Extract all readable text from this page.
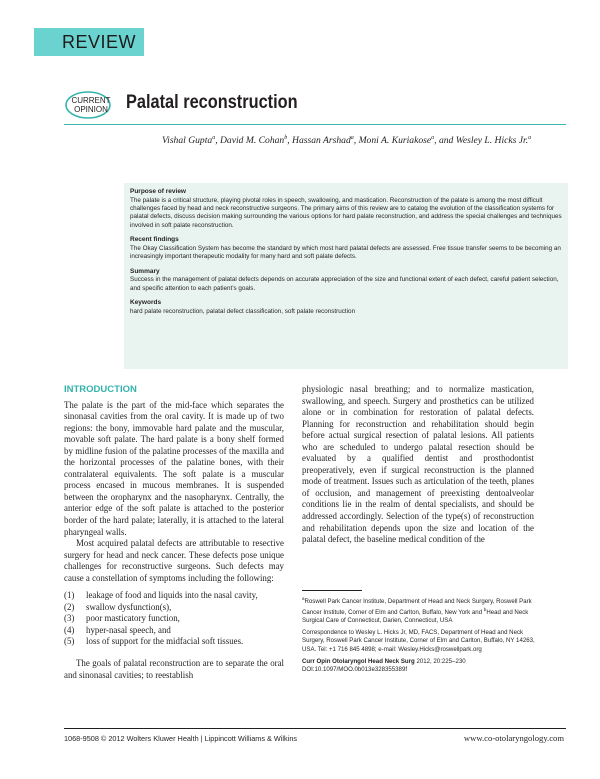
REVIEW
CURRENT
OPINION Palatal reconstruction
Vishal Gupta$^a$, David M. Cohan$^b$, Hassan Arshad$^a$, Moni A. Kuriakose$^a$, and Wesley L. Hicks Jr.$^a$
Purpose of review

The palate is a critical structure, playing pivotal roles in speech, swallowing, and mastication. Reconstruction of the palate is among the most difficult challenges faced by head and neck reconstructive surgeons. The primary aims of this review are to catalog the evolution of the classification systems for palatal defects, discuss decision making surrounding the various options for hard palate reconstruction, and address the special challenges and techniques involved in soft palate reconstruction.

Recent findings

The Okay Classification System has become the standard by which most hard palatal defects are assessed. Free tissue transfer seems to be becoming an increasingly important therapeutic modality for many hard and soft palate defects.

Summary

Success in the management of palatal defects depends on accurate appreciation of the size and functional extent of each defect, careful patient selection, and specific attention to each patient’s goals.

Keywords

hard palate reconstruction, palatal defect classification, soft palate reconstruction

INTRODUCTION

The palate is the part of the mid-face which separates the sinonasal cavities from the oral cavity. It is made up of two regions: the bony, immovable hard palate and the muscular, movable soft palate. The hard palate is a bony shelf formed by midline fusion of the palatine processes of the maxilla and the horizontal processes of the palatine bones, with their contralateral equivalents. The soft palate is a muscular process encased in mucous membranes. It is suspended between the oropharynx and the nasopharynx. Centrally, the anterior edge of the soft palate is attached to the posterior border of the hard palate; laterally, it is attached to the lateral pharyngeal walls.

Most acquired palatal defects are attributable to resective surgery for head and neck cancer. These defects pose unique challenges for reconstructive surgeons. Such defects may cause a constellation of symptoms including the following:

(1)	leakage of food and liquids into the nasal cavity,
(2)	swallow dysfunction(s),
(3)	poor masticatory function,
(4)	hyper-nasal speech, and
(5)	loss of support for the midfacial soft tissues.

The goals of palatal reconstruction are to separate the oral and sinonasal cavities; to reestablish

physiologic nasal breathing; and to normalize mastication, swallowing, and speech. Surgery and prosthetics can be utilized alone or in combination for restoration of palatal defects. Planning for reconstruction and rehabilitation should begin before actual surgical resection of palatal lesions. All patients who are scheduled to undergo palatal resection should be evaluated by a qualified dentist and prosthodontist preoperatively, even if surgical reconstruction is the planned mode of treatment. Issues such as articulation of the teeth, planes of occlusion, and management of preexisting dentoalveolar conditions lie in the realm of dental specialists, and should be addressed accordingly. Selection of the type(s) of reconstruction and rehabilitation depends upon the size and location of the palatal defect, the baseline medical condition of the

$^a$Roswell Park Cancer Institute, Department of Head and Neck Surgery, Roswell Park Cancer Institute, Corner of Elm and Carlton, Buffalo, New York and $^b$Head and Neck Surgical Care of Connecticut, Darien, Connecticut, USA

Correspondence to Wesley L. Hicks Jr, MD, FACS, Department of Head and Neck Surgery, Roswell Park Cancer Institute, Corner of Elm and Carlton, Buffalo, NY 14263, USA. Tel: +1 716 845 4898; e-mail: Wesley.Hicks@roswellpark.org

Curr Opin Otolaryngol Head Neck Surg 2012, 20:225–230

DOI:10.1097/MOO.0b013e328355389f

1068-9508 © 2012 Wolters Kluwer Health | Lippincott Williams & Wilkins	www.co-otolaryngology.com
